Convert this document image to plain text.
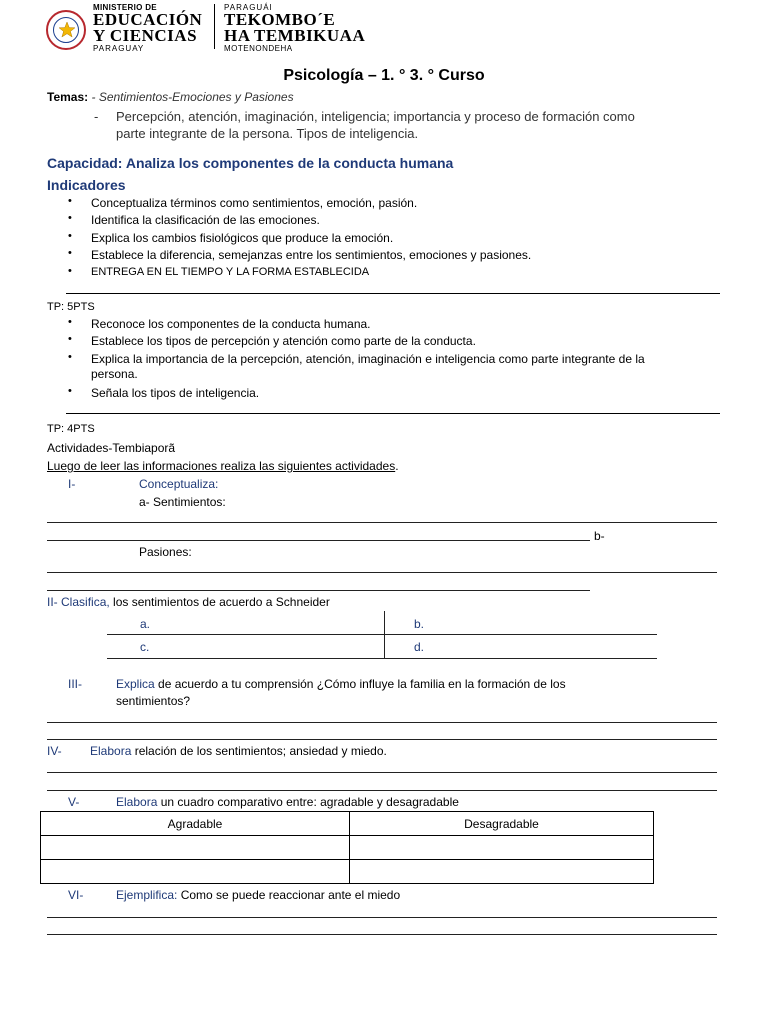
MINISTERIO DE
EDUCACIÓN
Y CIENCIAS
PARAGUAY
PARAGUÁI
TEKOMBO´E
HA TEMBIKUAA
MOTENONDEHA
Psicología – 1. ° 3. ° Curso
Temas: - Sentimientos-Emociones y Pasiones
- Percepción, atención, imaginación, inteligencia; importancia y proceso de formación como
parte integrante de la persona. Tipos de inteligencia.
Capacidad: Analiza los componentes de la conducta humana
Indicadores
• Conceptualiza términos como sentimientos, emoción, pasión.
• Identifica la clasificación de las emociones.
• Explica los cambios fisiológicos que produce la emoción.
• Establece la diferencia, semejanzas entre los sentimientos, emociones y pasiones.
• ENTREGA EN EL TIEMPO Y LA FORMA ESTABLECIDA
TP: 5PTS
• Reconoce los componentes de la conducta humana.
• Establece los tipos de percepción y atención como parte de la conducta.
• Explica la importancia de la percepción, atención, imaginación e inteligencia como parte integrante de la
persona.
• Señala los tipos de inteligencia.
TP: 4PTS
Actividades-Tembiaporã
Luego de leer las informaciones realiza las siguientes actividades.
I-	Conceptualiza:
a- Sentimientos:
b-
Pasiones:
II- Clasifica, los sentimientos de acuerdo a Schneider
a.	b.
c.	d.
III-	Explica de acuerdo a tu comprensión ¿Cómo influye la familia en la formación de los
sentimientos?
IV- Elabora relación de los sentimientos; ansiedad y miedo.
V-	Elabora un cuadro comparativo entre: agradable y desagradable
Agradable	Desagradable

VI-	Ejemplifica: Como se puede reaccionar ante el miedo
